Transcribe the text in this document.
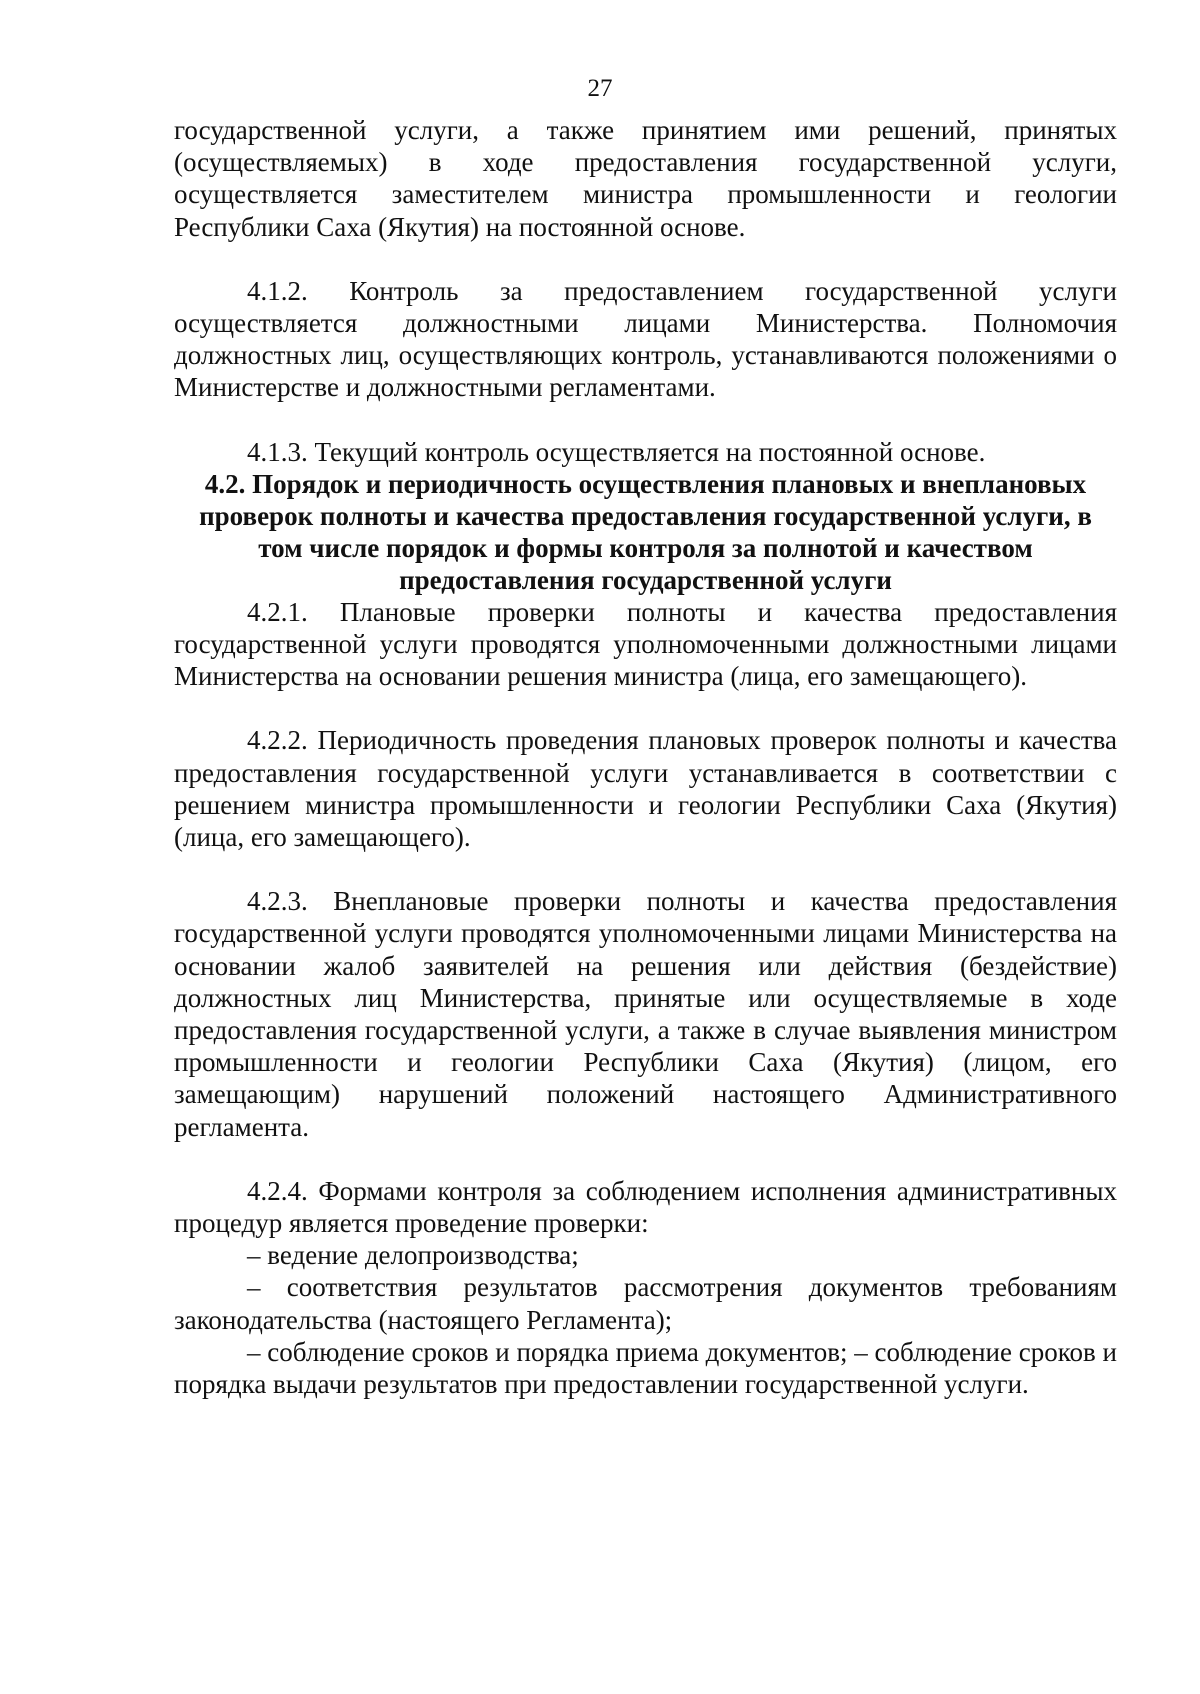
27

государственной услуги, а также принятием ими решений, принятых (осуществляемых) в ходе предоставления государственной услуги, осуществляется заместителем министра промышленности и геологии Республики Саха (Якутия) на постоянной основе.

4.1.2. Контроль за предоставлением государственной услуги осуществляется должностными лицами Министерства. Полномочия должностных лиц, осуществляющих контроль, устанавливаются положениями о Министерстве и должностными регламентами.

4.1.3. Текущий контроль осуществляется на постоянной основе.

4.2. Порядок и периодичность осуществления плановых и внеплановых проверок полноты и качества предоставления государственной услуги, в том числе порядок и формы контроля за полнотой и качеством предоставления государственной услуги

4.2.1. Плановые проверки полноты и качества предоставления государственной услуги проводятся уполномоченными должностными лицами Министерства на основании решения министра (лица, его замещающего).

4.2.2. Периодичность проведения плановых проверок полноты и качества предоставления государственной услуги устанавливается в соответствии с решением министра промышленности и геологии Республики Саха (Якутия) (лица, его замещающего).

4.2.3. Внеплановые проверки полноты и качества предоставления государственной услуги проводятся уполномоченными лицами Министерства на основании жалоб заявителей на решения или действия (бездействие) должностных лиц Министерства, принятые или осуществляемые в ходе предоставления государственной услуги, а также в случае выявления министром промышленности и геологии Республики Саха (Якутия) (лицом, его замещающим) нарушений положений настоящего Административного регламента.

4.2.4. Формами контроля за соблюдением исполнения административных процедур является проведение проверки:

– ведение делопроизводства;

– соответствия результатов рассмотрения документов требованиям законодательства (настоящего Регламента);

– соблюдение сроков и порядка приема документов; – соблюдение сроков и порядка выдачи результатов при предоставлении государственной услуги.
